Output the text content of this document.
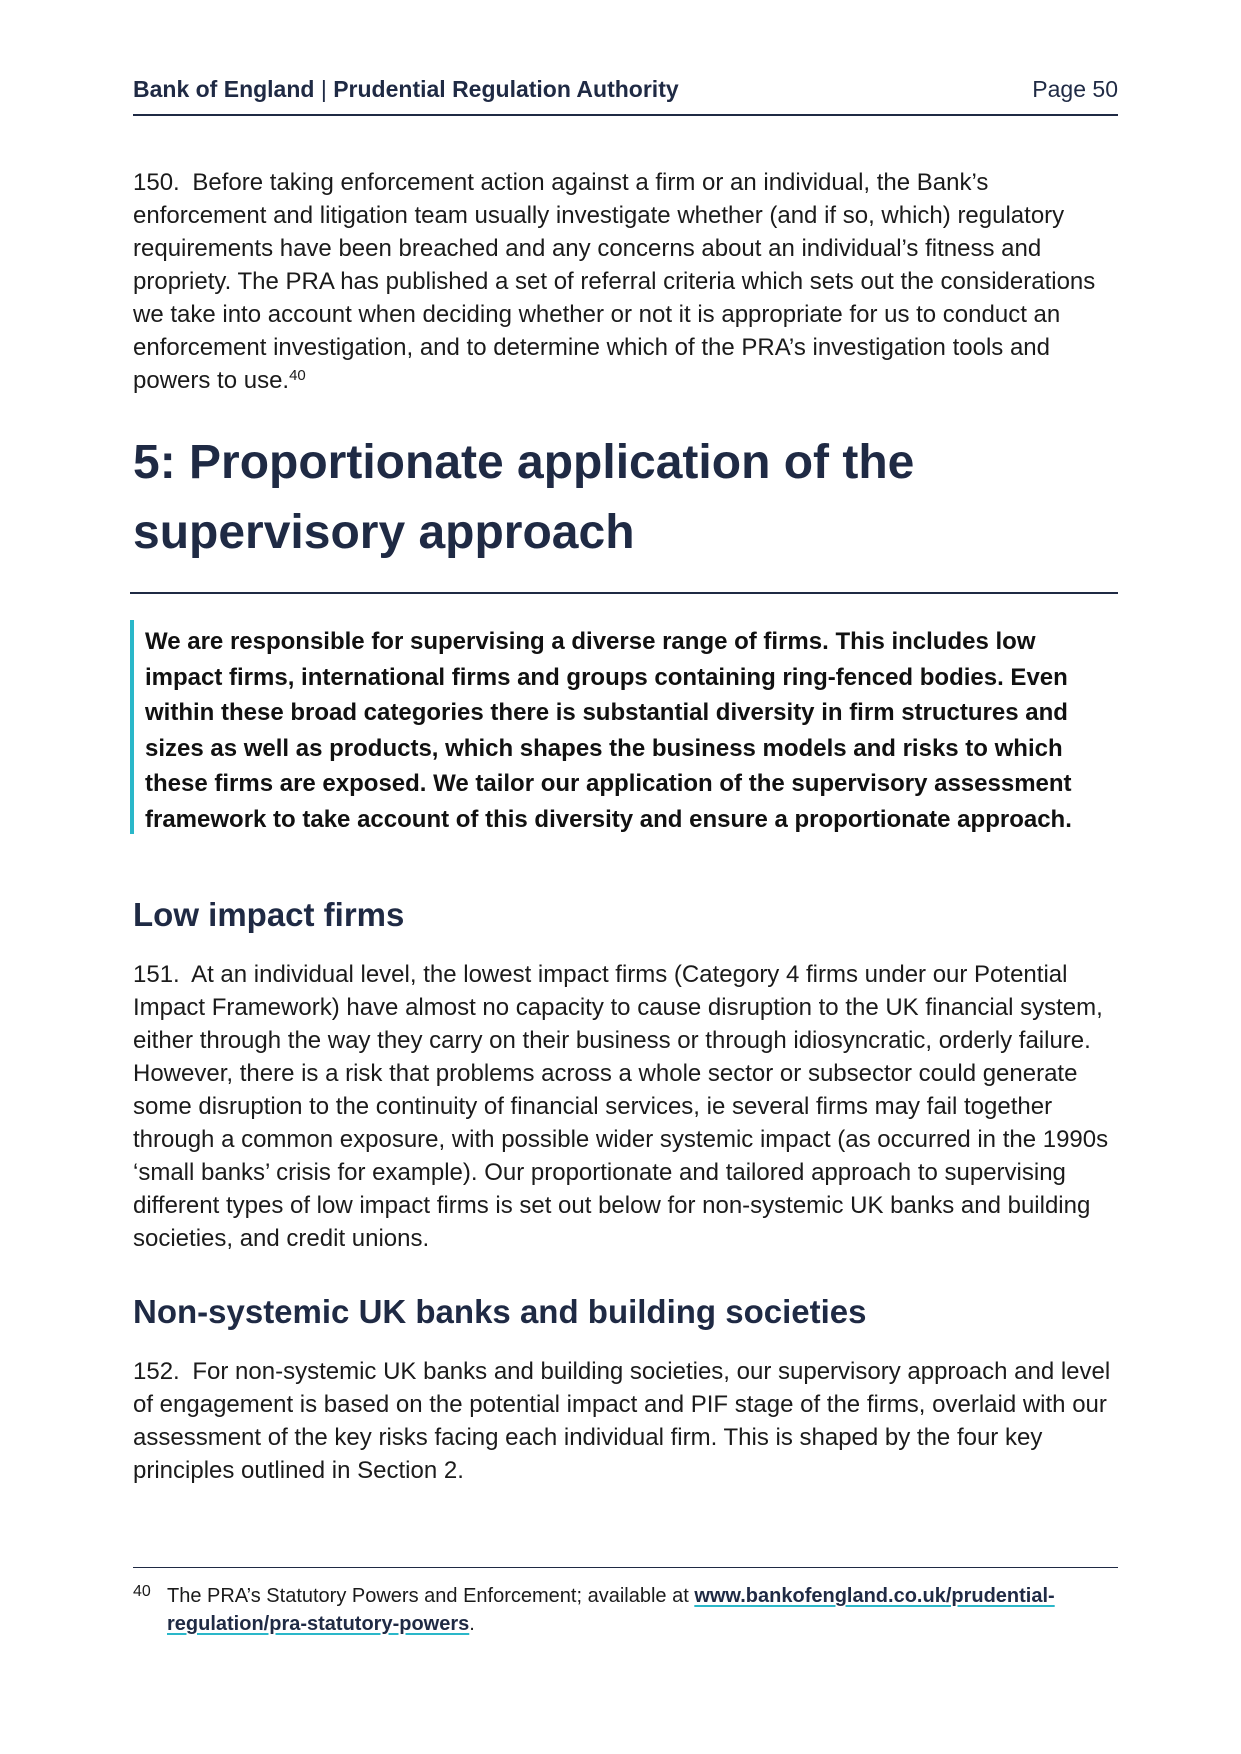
Bank of England | Prudential Regulation Authority	Page 50

150. Before taking enforcement action against a firm or an individual, the Bank’s enforcement and litigation team usually investigate whether (and if so, which) regulatory requirements have been breached and any concerns about an individual’s fitness and propriety. The PRA has published a set of referral criteria which sets out the considerations we take into account when deciding whether or not it is appropriate for us to conduct an enforcement investigation, and to determine which of the PRA’s investigation tools and powers to use.$^{40}$

5: Proportionate application of the
supervisory approach

We are responsible for supervising a diverse range of firms. This includes low impact firms, international firms and groups containing ring-fenced bodies. Even within these broad categories there is substantial diversity in firm structures and sizes as well as products, which shapes the business models and risks to which these firms are exposed. We tailor our application of the supervisory assessment framework to take account of this diversity and ensure a proportionate approach.

Low impact firms

151. At an individual level, the lowest impact firms (Category 4 firms under our Potential Impact Framework) have almost no capacity to cause disruption to the UK financial system, either through the way they carry on their business or through idiosyncratic, orderly failure. However, there is a risk that problems across a whole sector or subsector could generate some disruption to the continuity of financial services, ie several firms may fail together through a common exposure, with possible wider systemic impact (as occurred in the 1990s ‘small banks’ crisis for example). Our proportionate and tailored approach to supervising different types of low impact firms is set out below for non-systemic UK banks and building societies, and credit unions.

Non-systemic UK banks and building societies

152. For non-systemic UK banks and building societies, our supervisory approach and level of engagement is based on the potential impact and PIF stage of the firms, overlaid with our assessment of the key risks facing each individual firm. This is shaped by the four key principles outlined in Section 2.

40 The PRA’s Statutory Powers and Enforcement; available at www.bankofengland.co.uk/prudential-
regulation/pra-statutory-powers.
